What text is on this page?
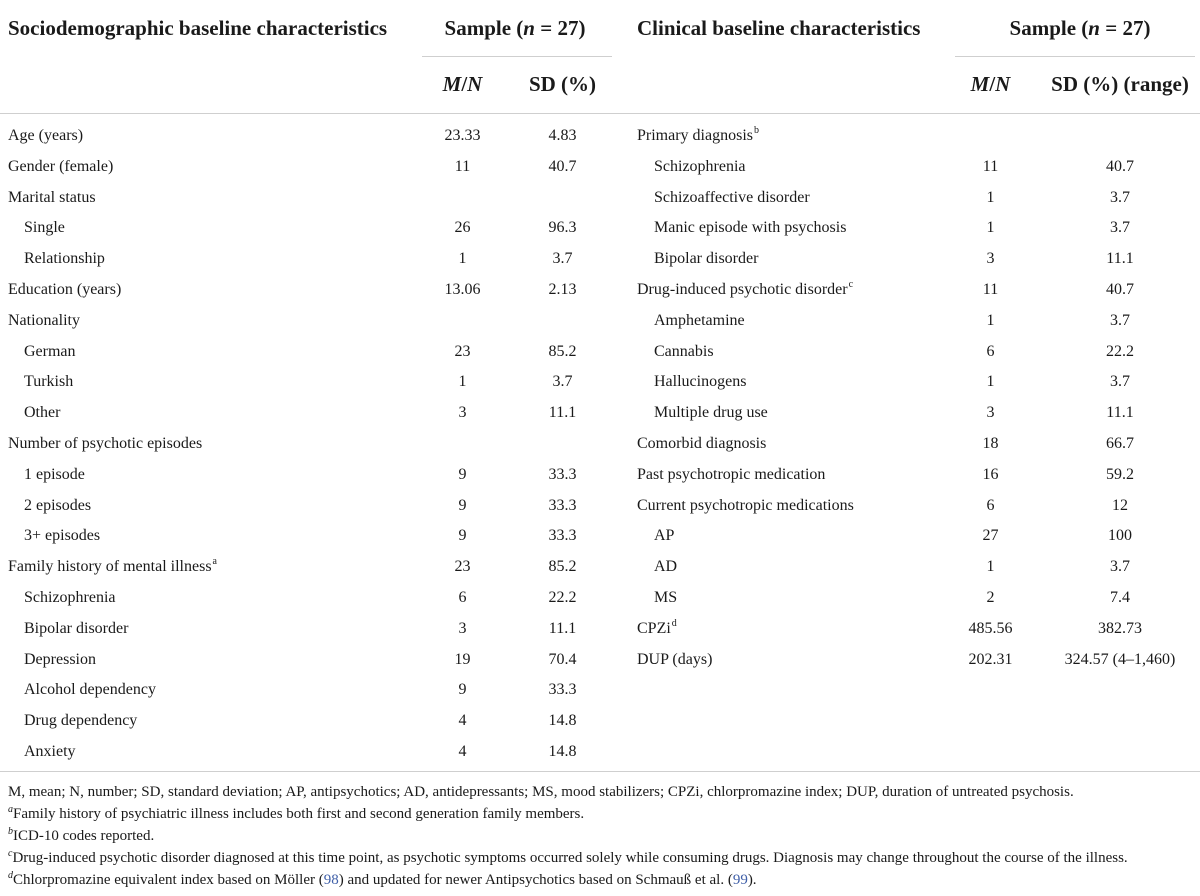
Sociodemographic baseline characteristics	Sample (n = 27)	Clinical baseline characteristics	Sample (n = 27)
M/N	SD (%)	M/N	SD (%) (range)
Age (years)	23.33	4.83
Gender (female)	11	40.7
Marital status
Single	26	96.3
Relationship	1	3.7
Education (years)	13.06	2.13
Nationality
German	23	85.2
Turkish	1	3.7
Other	3	11.1
Number of psychotic episodes
1 episode	9	33.3
2 episodes	9	33.3
3+ episodes	9	33.3
Family history of mental illness$^a$	23	85.2
Schizophrenia	6	22.2
Bipolar disorder	3	11.1
Depression	19	70.4
Alcohol dependency	9	33.3
Drug dependency	4	14.8
Anxiety	4	14.8
Primary diagnosis$^b$
Schizophrenia	11	40.7
Schizoaffective disorder	1	3.7
Manic episode with psychosis	1	3.7
Bipolar disorder	3	11.1
Drug-induced psychotic disorder$^c$	11	40.7
Amphetamine	1	3.7
Cannabis	6	22.2
Hallucinogens	1	3.7
Multiple drug use	3	11.1
Comorbid diagnosis	18	66.7
Past psychotropic medication	16	59.2
Current psychotropic medications	6	12
AP	27	100
AD	1	3.7
MS	2	7.4
CPZi$^d$	485.56	382.73
DUP (days)	202.31	324.57 (4–1,460)
M, mean; N, number; SD, standard deviation; AP, antipsychotics; AD, antidepressants; MS, mood stabilizers; CPZi, chlorpromazine index; DUP, duration of untreated psychosis.
$^a$Family history of psychiatric illness includes both first and second generation family members.
$^b$ICD-10 codes reported.
$^c$Drug-induced psychotic disorder diagnosed at this time point, as psychotic symptoms occurred solely while consuming drugs. Diagnosis may change throughout the course of the illness.
$^d$Chlorpromazine equivalent index based on Möller (98) and updated for newer Antipsychotics based on Schmauß et al. (99).
